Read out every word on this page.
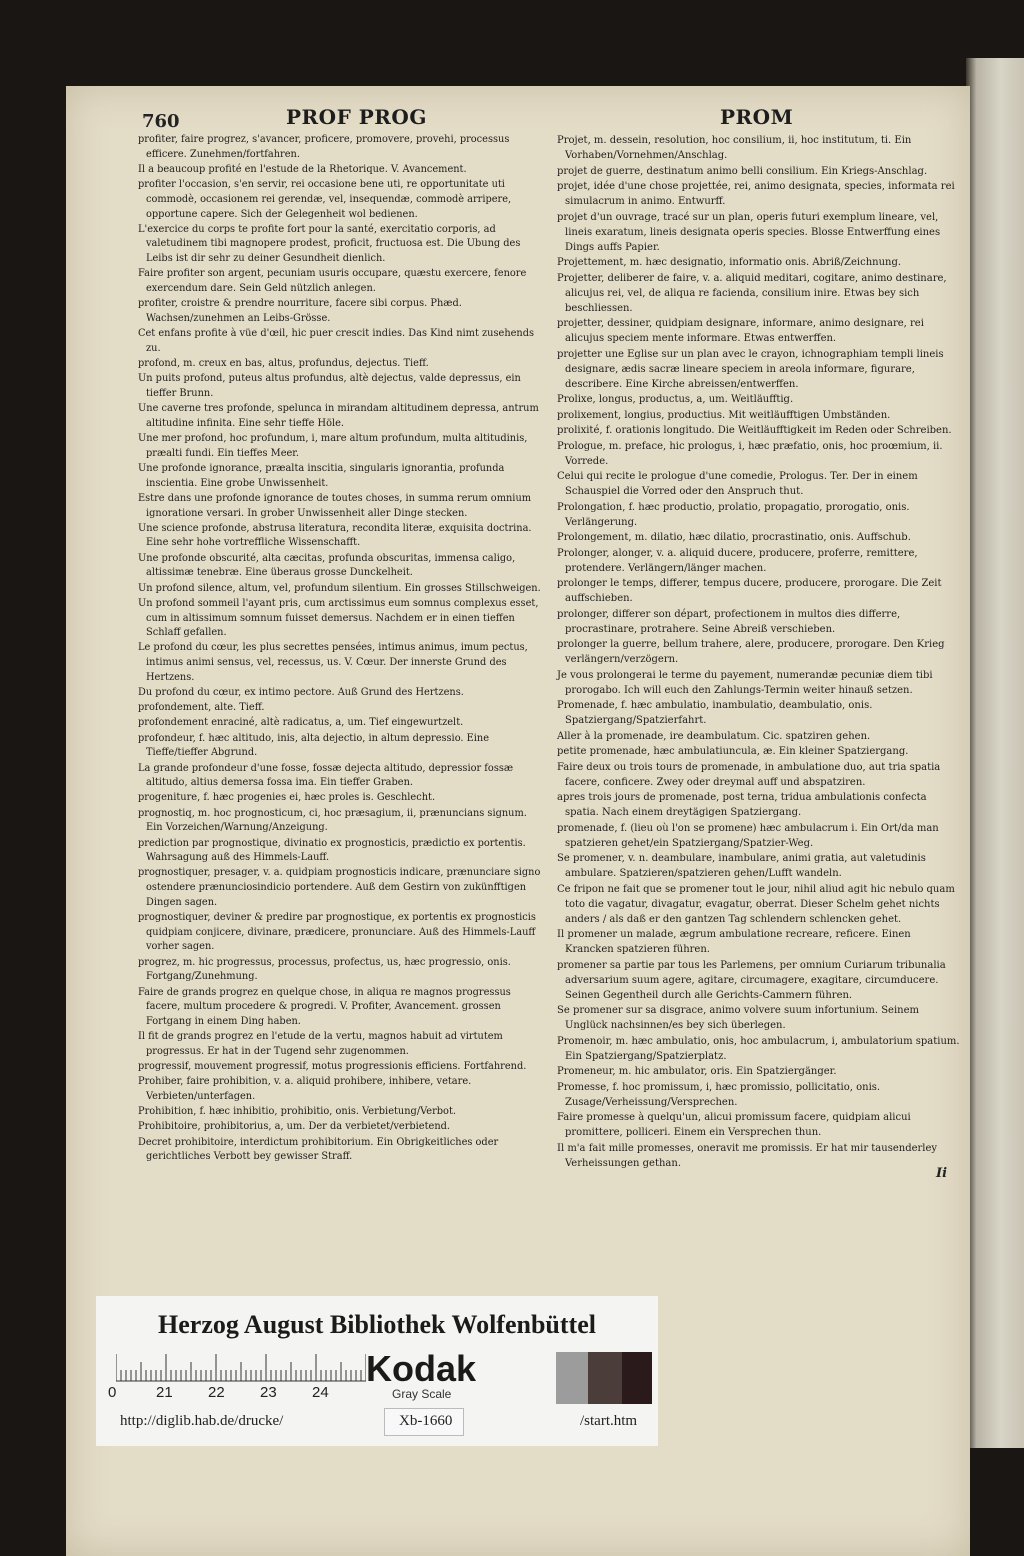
760	PROF PROG	PROM

profiter, faire progrez, s'avancer, proficere, promovere, provehi, processus efficere. Zunehmen/fortfahren.

Il a beaucoup profité en l'estude de la Rhetorique. V. Avancement.

profiter l'occasion, s'en servir, rei occasione bene uti, re opportunitate uti commodè, occasionem rei gerendæ, vel, insequendæ, commodè arripere, opportune capere. Sich der Gelegenheit wol bedienen.

L'exercice du corps te profite fort pour la santé, exercitatio corporis, ad valetudinem tibi magnopere prodest, proficit, fructuosa est. Die Ubung des Leibs ist dir sehr zu deiner Gesundheit dienlich.

Faire profiter son argent, pecuniam usuris occupare, quæstu exercere, fenore exercendum dare. Sein Geld nützlich anlegen.

profiter, croistre & prendre nourriture, facere sibi corpus. Phæd. Wachsen/zunehmen an Leibs-Grösse.

Cet enfans profite à vüe d'œil, hic puer crescit indies. Das Kind nimt zusehends zu.

profond, m. creux en bas, altus, profundus, dejectus. Tieff.

Un puits profond, puteus altus profundus, altè dejectus, valde depressus, ein tieffer Brunn.

Une caverne tres profonde, spelunca in mirandam altitudinem depressa, antrum altitudine infinita. Eine sehr tieffe Höle.

Une mer profond, hoc profundum, i, mare altum profundum, multa altitudinis, præalti fundi. Ein tieffes Meer.

Une profonde ignorance, præalta inscitia, singularis ignorantia, profunda inscientia. Eine grobe Unwissenheit.

Estre dans une profonde ignorance de toutes choses, in summa rerum omnium ignoratione versari. In grober Unwissenheit aller Dinge stecken.

Une science profonde, abstrusa literatura, recondita literæ, exquisita doctrina. Eine sehr hohe vortreffliche Wissenschafft.

Une profonde obscurité, alta cæcitas, profunda obscuritas, immensa caligo, altissimæ tenebræ. Eine überaus grosse Dunckelheit.

Un profond silence, altum, vel, profundum silentium. Ein grosses Stillschweigen.

Un profond sommeil l'ayant pris, cum arctissimus eum somnus complexus esset, cum in altissimum somnum fuisset demersus. Nachdem er in einen tieffen Schlaff gefallen.

Le profond du cœur, les plus secrettes pensées, intimus animus, imum pectus, intimus animi sensus, vel, recessus, us. V. Cœur. Der innerste Grund des Hertzens.

Du profond du cœur, ex intimo pectore. Auß Grund des Hertzens.

profondement, alte. Tieff.

profondement enraciné, altè radicatus, a, um. Tief eingewurtzelt.

profondeur, f. hæc altitudo, inis, alta dejectio, in altum depressio. Eine Tieffe/tieffer Abgrund.

La grande profondeur d'une fosse, fossæ dejecta altitudo, depressior fossæ altitudo, altius demersa fossa ima. Ein tieffer Graben.

progeniture, f. hæc progenies ei, hæc proles is. Geschlecht.

prognostiq, m. hoc prognosticum, ci, hoc præsagium, ii, prænuncians signum. Ein Vorzeichen/Warnung/Anzeigung.

prediction par prognostique, divinatio ex prognosticis, prædictio ex portentis. Wahrsagung auß des Himmels-Lauff.

prognostiquer, presager, v. a. quidpiam prognosticis indicare, prænunciare signo ostendere prænunciosindicio portendere. Auß dem Gestirn von zukünfftigen Dingen sagen.

prognostiquer, deviner & predire par prognostique, ex portentis ex prognosticis quidpiam conjicere, divinare, prædicere, pronunciare. Auß des Himmels-Lauff vorher sagen.

progrez, m. hic progressus, processus, profectus, us, hæc progressio, onis. Fortgang/Zunehmung.

Faire de grands progrez en quelque chose, in aliqua re magnos progressus facere, multum procedere & progredi. V. Profiter, Avancement. grossen Fortgang in einem Ding haben.

Il fit de grands progrez en l'etude de la vertu, magnos habuit ad virtutem progressus. Er hat in der Tugend sehr zugenommen.

progressif, mouvement progressif, motus progressionis efficiens. Fortfahrend.

Prohiber, faire prohibition, v. a. aliquid prohibere, inhibere, vetare. Verbieten/unterfagen.

Prohibition, f. hæc inhibitio, prohibitio, onis. Verbietung/Verbot.

Prohibitoire, prohibitorius, a, um. Der da verbietet/verbietend.

Decret prohibitoire, interdictum prohibitorium. Ein Obrigkeitliches oder gerichtliches Verbott bey gewisser Straff.

Projet, m. dessein, resolution, hoc consilium, ii, hoc institutum, ti. Ein Vorhaben/Vornehmen/Anschlag.

projet de guerre, destinatum animo belli consilium. Ein Kriegs-Anschlag.

projet, idée d'une chose projettée, rei, animo designata, species, informata rei simulacrum in animo. Entwurff.

projet d'un ouvrage, tracé sur un plan, operis futuri exemplum lineare, vel, lineis exaratum, lineis designata operis species. Blosse Entwerffung eines Dings auffs Papier.

Projettement, m. hæc designatio, informatio onis. Abriß/Zeichnung.

Projetter, deliberer de faire, v. a. aliquid meditari, cogitare, animo destinare, alicujus rei, vel, de aliqua re facienda, consilium inire. Etwas bey sich beschliessen.

projetter, dessiner, quidpiam designare, informare, animo designare, rei alicujus speciem mente informare. Etwas entwerffen.

projetter une Eglise sur un plan avec le crayon, ichnographiam templi lineis designare, ædis sacræ lineare speciem in areola informare, figurare, describere. Eine Kirche abreissen/entwerffen.

Prolixe, longus, productus, a, um. Weitläufftig.

prolixement, longius, productius. Mit weitläufftigen Umbständen.

prolixité, f. orationis longitudo. Die Weitläufftigkeit im Reden oder Schreiben.

Prologue, m. preface, hic prologus, i, hæc præfatio, onis, hoc proœmium, ii. Vorrede.

Celui qui recite le prologue d'une comedie, Prologus. Ter. Der in einem Schauspiel die Vorred oder den Anspruch thut.

Prolongation, f. hæc productio, prolatio, propagatio, prorogatio, onis. Verlängerung.

Prolongement, m. dilatio, hæc dilatio, procrastinatio, onis. Auffschub.

Prolonger, alonger, v. a. aliquid ducere, producere, proferre, remittere, protendere. Verlängern/länger machen.

prolonger le temps, differer, tempus ducere, producere, prorogare. Die Zeit auffschieben.

prolonger, differer son départ, profectionem in multos dies differre, procrastinare, protrahere. Seine Abreiß verschieben.

prolonger la guerre, bellum trahere, alere, producere, prorogare. Den Krieg verlängern/verzögern.

Je vous prolongerai le terme du payement, numerandæ pecuniæ diem tibi prorogabo. Ich will euch den Zahlungs-Termin weiter hinauß setzen.

Promenade, f. hæc ambulatio, inambulatio, deambulatio, onis. Spatziergang/Spatzierfahrt.

Aller à la promenade, ire deambulatum. Cic. spatziren gehen.

petite promenade, hæc ambulatiuncula, æ. Ein kleiner Spatziergang.

Faire deux ou trois tours de promenade, in ambulatione duo, aut tria spatia facere, conficere. Zwey oder dreymal auff und abspatziren.

apres trois jours de promenade, post terna, tridua ambulationis confecta spatia. Nach einem dreytägigen Spatziergang.

promenade, f. (lieu où l'on se promene) hæc ambulacrum i. Ein Ort/da man spatzieren gehet/ein Spatziergang/Spatzier-Weg.

Se promener, v. n. deambulare, inambulare, animi gratia, aut valetudinis ambulare. Spatzieren/spatzieren gehen/Lufft wandeln.

Ce fripon ne fait que se promener tout le jour, nihil aliud agit hic nebulo quam toto die vagatur, divagatur, evagatur, oberrat. Dieser Schelm gehet nichts anders / als daß er den gantzen Tag schlendern schlencken gehet.

Il promener un malade, ægrum ambulatione recreare, reficere. Einen Krancken spatzieren führen.

promener sa partie par tous les Parlemens, per omnium Curiarum tribunalia adversarium suum agere, agitare, circumagere, exagitare, circumducere. Seinen Gegentheil durch alle Gerichts-Cammern führen.

Se promener sur sa disgrace, animo volvere suum infortunium. Seinem Unglück nachsinnen/es bey sich überlegen.

Promenoir, m. hæc ambulatio, onis, hoc ambulacrum, i, ambulatorium spatium. Ein Spatziergang/Spatzierplatz.

Promeneur, m. hic ambulator, oris. Ein Spatziergänger.

Promesse, f. hoc promissum, i, hæc promissio, pollicitatio, onis. Zusage/Verheissung/Versprechen.

Faire promesse à quelqu'un, alicui promissum facere, quidpiam alicui promittere, polliceri. Einem ein Versprechen thun.

Il m'a fait mille promesses, oneravit me promissis. Er hat mir tausenderley Verheissungen gethan.

Ii
Herzog August Bibliothek Wolfenbüttel
0	21 22 23 24
Kodak
Gray Scale
http://diglib.hab.de/drucke/	Xb-1660	/start.htm
